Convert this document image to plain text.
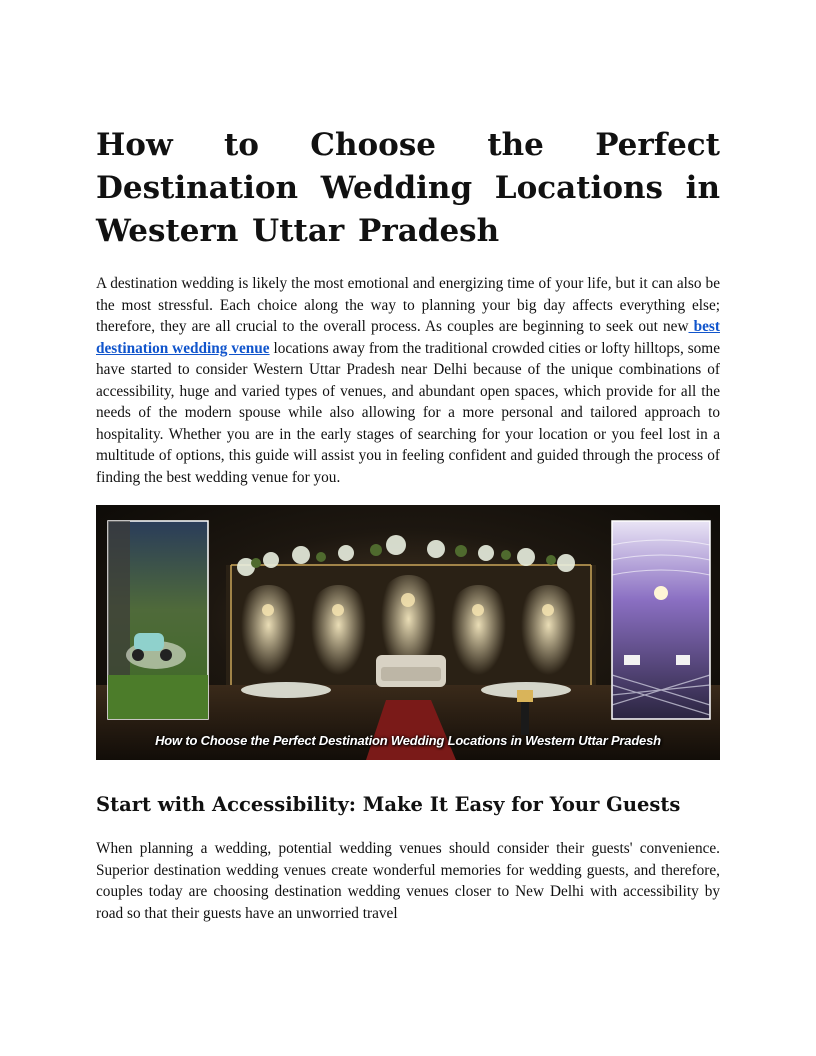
How to Choose the Perfect Destination Wedding Locations in Western Uttar Pradesh

A destination wedding is likely the most emotional and energizing time of your life, but it can also be the most stressful. Each choice along the way to planning your big day affects everything else; therefore, they are all crucial to the overall process. As couples are beginning to seek out new best destination wedding venue locations away from the traditional crowded cities or lofty hilltops, some have started to consider Western Uttar Pradesh near Delhi because of the unique combinations of accessibility, huge and varied types of venues, and abundant open spaces, which provide for all the needs of the modern spouse while also allowing for a more personal and tailored approach to hospitality. Whether you are in the early stages of searching for your location or you feel lost in a multitude of options, this guide will assist you in feeling confident and guided through the process of finding the best wedding venue for you.

How to Choose the Perfect Destination Wedding Locations in Western Uttar Pradesh
Start with Accessibility: Make It Easy for Your Guests

When planning a wedding, potential wedding venues should consider their guests' convenience. Superior destination wedding venues create wonderful memories for wedding guests, and therefore, couples today are choosing destination wedding venues closer to New Delhi with accessibility by road so that their guests have an unworried travel
